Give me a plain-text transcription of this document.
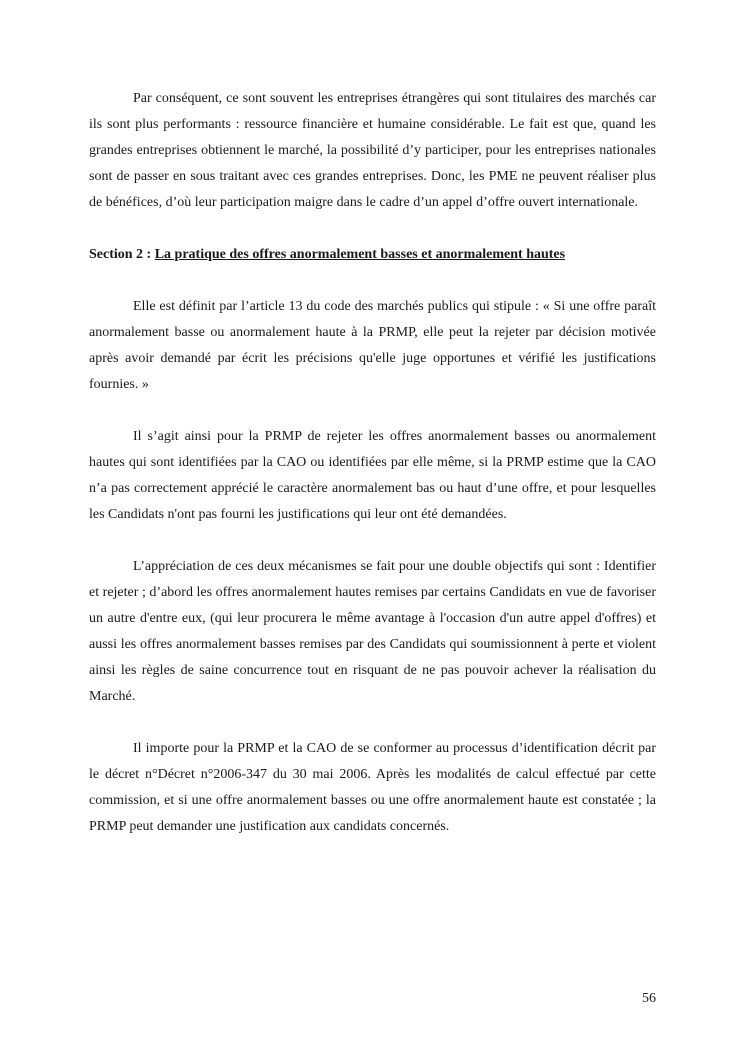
Par conséquent, ce sont souvent les entreprises étrangères qui sont titulaires des marchés car ils sont plus performants : ressource financière et humaine considérable. Le fait est que, quand les grandes entreprises obtiennent le marché, la possibilité d’y participer, pour les entreprises nationales sont de passer en sous traitant avec ces grandes entreprises. Donc, les PME ne peuvent réaliser plus de bénéfices, d’où leur participation maigre dans le cadre d’un appel d’offre ouvert internationale.

Section 2 : La pratique des offres anormalement basses et anormalement hautes

Elle est définit par l’article 13 du code des marchés publics qui stipule : « Si une offre paraît anormalement basse ou anormalement haute à la PRMP, elle peut la rejeter par décision motivée après avoir demandé par écrit les précisions qu'elle juge opportunes et vérifié les justifications fournies. »

Il s’agit ainsi pour la PRMP de rejeter les offres anormalement basses ou anormalement hautes qui sont identifiées par la CAO ou identifiées par elle même, si la PRMP estime que la CAO n’a pas correctement apprécié le caractère anormalement bas ou haut d’une offre, et pour lesquelles les Candidats n'ont pas fourni les justifications qui leur ont été demandées.

L’appréciation de ces deux mécanismes se fait pour une double objectifs qui sont : Identifier et rejeter ; d’abord les offres anormalement hautes remises par certains Candidats en vue de favoriser un autre d'entre eux, (qui leur procurera le même avantage à l'occasion d'un autre appel d'offres) et aussi les offres anormalement basses remises par des Candidats qui soumissionnent à perte et violent ainsi les règles de saine concurrence tout en risquant de ne pas pouvoir achever la réalisation du Marché.

Il importe pour la PRMP et la CAO de se conformer au processus d’identification décrit par le décret n°Décret n°2006-347 du 30 mai 2006. Après les modalités de calcul effectué par cette commission, et si une offre anormalement basses ou une offre anormalement haute est constatée ; la PRMP peut demander une justification aux candidats concernés.

56
